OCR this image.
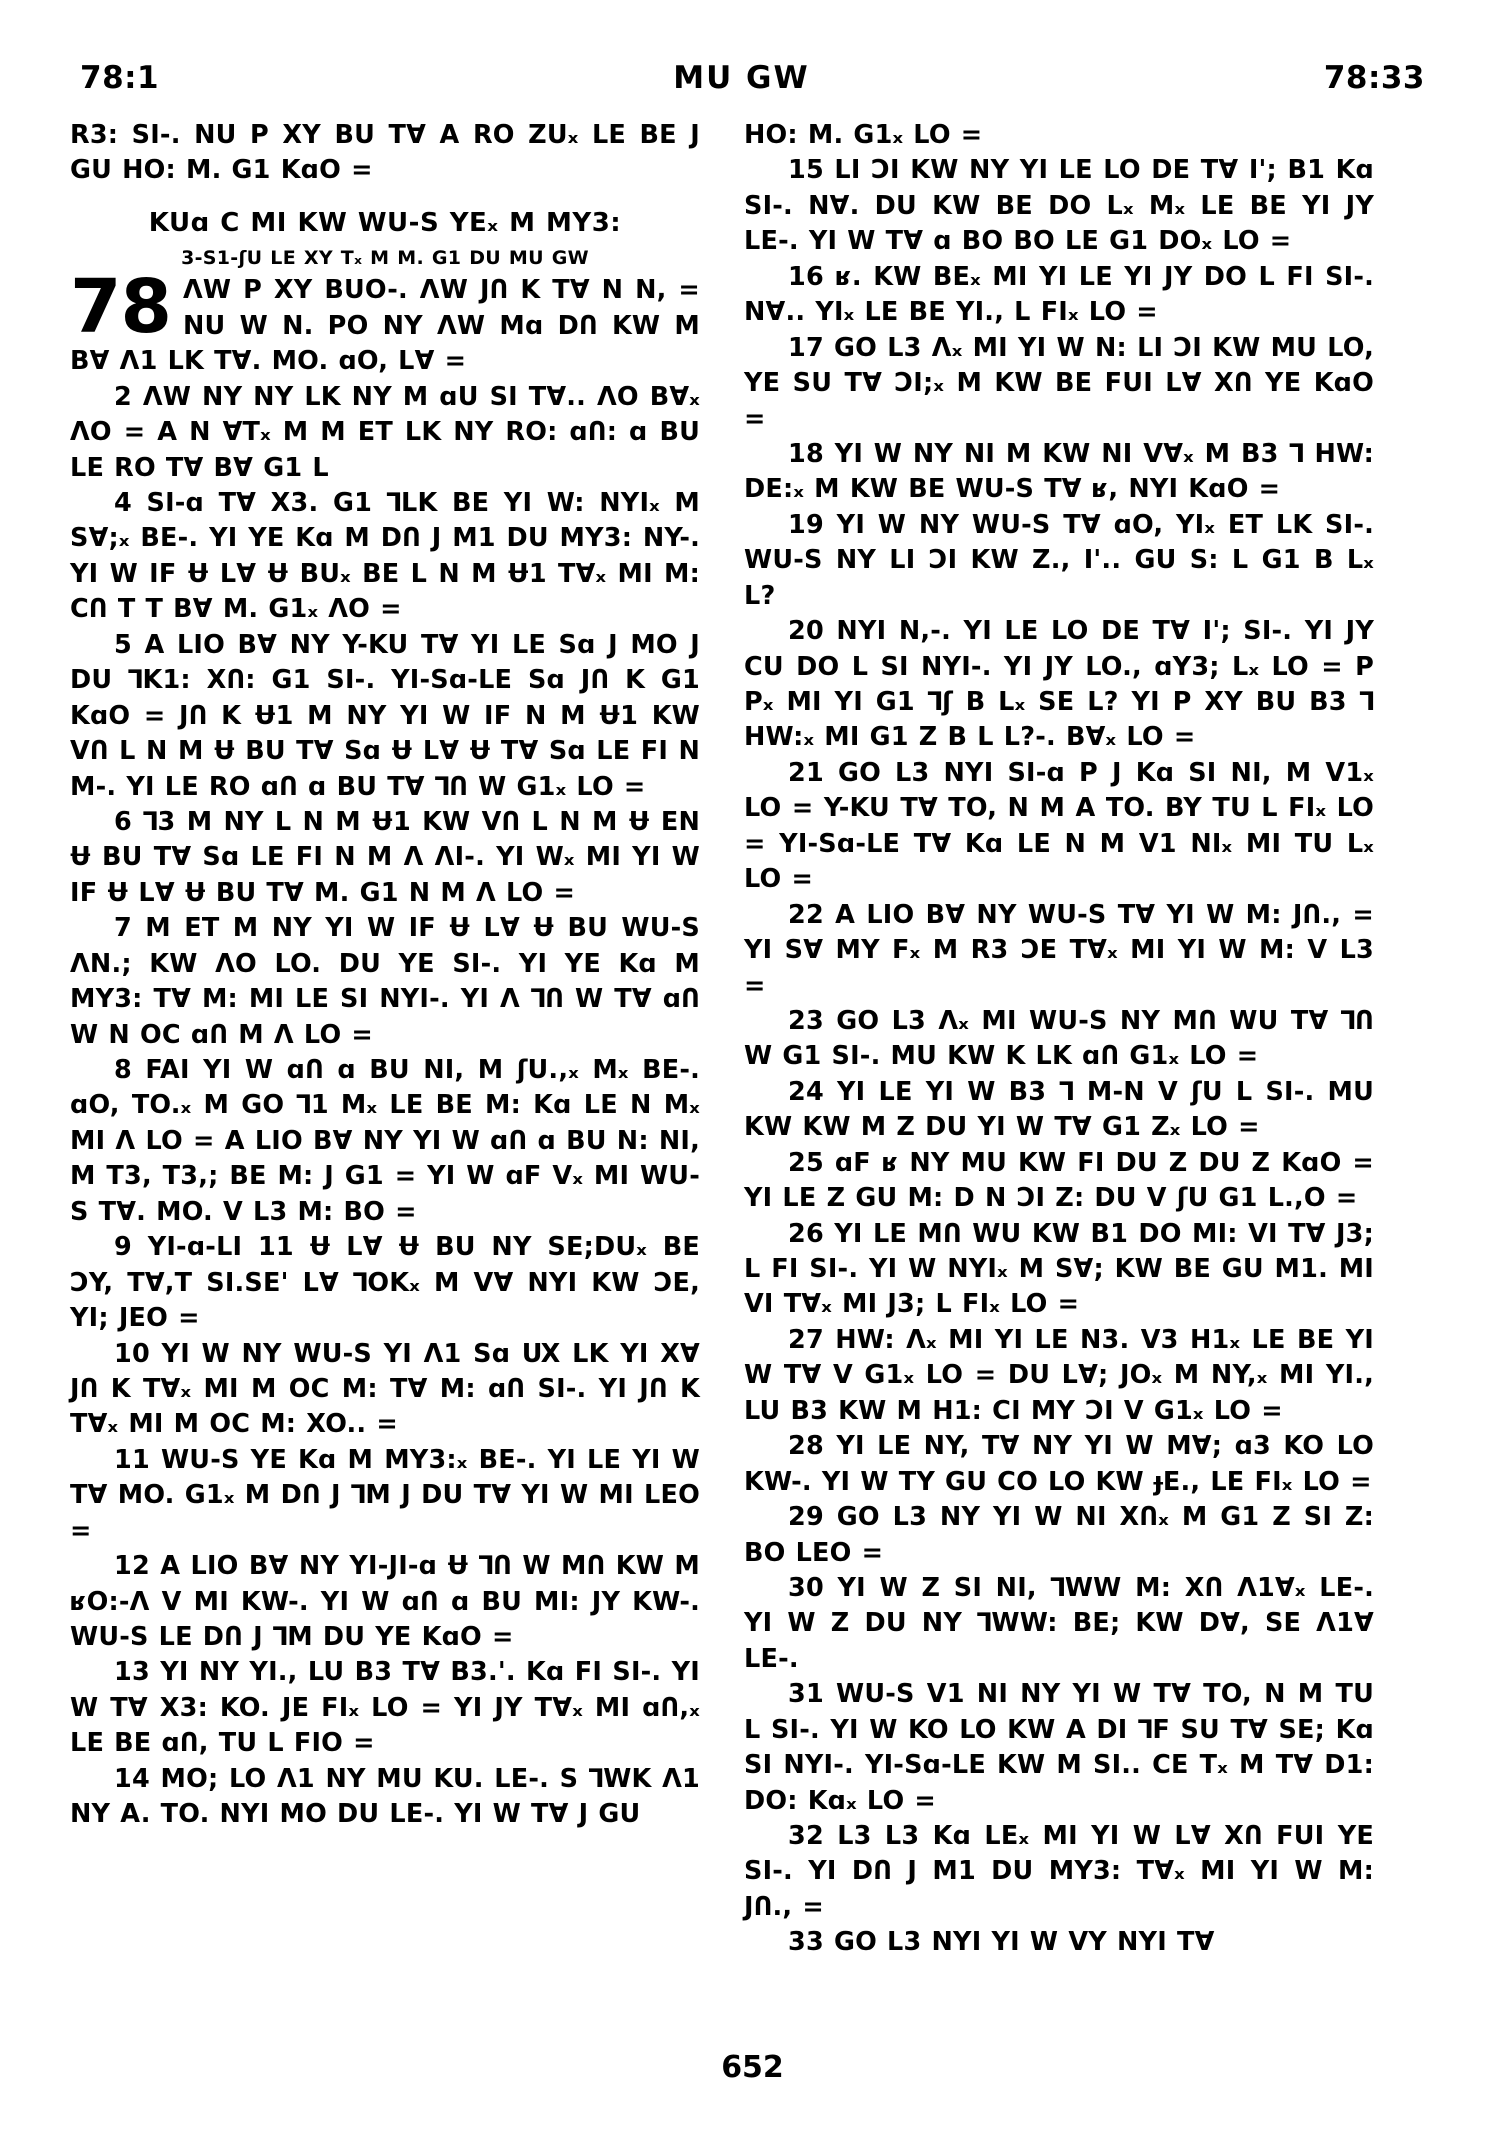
78:1	MU GW	78:33

R3: SI-. NU P XY BU TⱯ A RO ZUₓ LE BE J GU HO: M. G1 KɑO =

KUɑ C MI KW WU-S YEₓ M MY3:
3-S1-ʃU LE XY Tₓ M M. G1 DU MU GW
78 ɅW P XY BUO-. ɅW JՈ K TⱯ N N, = NU W N. PO NY ɅW Mɑ DՈ KW M BⱯ Ʌ1 LK TⱯ. MO. ɑO, LⱯ =

2 ɅW NY NY LK NY M ɑU SI TⱯ.. ɅO BⱯₓ ɅO = A N ⱯTₓ M M ET LK NY RO: ɑՈ: ɑ BU LE RO TⱯ BⱯ G1 L

4 SI-ɑ TⱯ X3. G1 ⅂LK BE YI W: NYIₓ M SⱯ;ₓ BE-. YI YE Kɑ M DՈ J M1 DU MY3: NY-. YI W IF Ʉ LⱯ Ʉ BUₓ BE L N M Ʉ1 TⱯₓ MI M: CՈ T T BⱯ M. G1ₓ ɅO =

5 A LIO BⱯ NY Y-KU TⱯ YI LE Sɑ J MO J DU ⅂K1: XՈ: G1 SI-. YI-Sɑ-LE Sɑ JՈ K G1 KɑO = JՈ K Ʉ1 M NY YI W IF N M Ʉ1 KW VՈ L N M Ʉ BU TⱯ Sɑ Ʉ LⱯ Ʉ TⱯ Sɑ LE FI N M-. YI LE RO ɑՈ ɑ BU TⱯ ⅂Ո W G1ₓ LO =

6 ⅂3 M NY L N M Ʉ1 KW VՈ L N M Ʉ EN Ʉ BU TⱯ Sɑ LE FI N M Ʌ ɅI-. YI Wₓ MI YI W IF Ʉ LⱯ Ʉ BU TⱯ M. G1 N M Ʌ LO =

7 M ET M NY YI W IF Ʉ LⱯ Ʉ BU WU-S ɅN.; KW ɅO LO. DU YE SI-. YI YE Kɑ M MY3: TⱯ M: MI LE SI NYI-. YI Ʌ ⅂Ո W TⱯ ɑՈ W N OC ɑՈ M Ʌ LO =

8 FAI YI W ɑՈ ɑ BU NI, M ʃU.,ₓ Mₓ BE-. ɑO, TO.ₓ M GO ⅂1 Mₓ LE BE M: Kɑ LE N Mₓ MI Ʌ LO = A LIO BⱯ NY YI W ɑՈ ɑ BU N: NI, M T3, T3,; BE M: J G1 = YI W ɑF Vₓ MI WU-S TⱯ. MO. V L3 M: BO =

9 YI-ɑ-LI 11 Ʉ LⱯ Ʉ BU NY SE;DUₓ BE ƆY, TⱯ,T SI.SE' LⱯ ⅂OKₓ M VⱯ NYI KW ƆE, YI; JEO =

10 YI W NY WU-S YI Ʌ1 Sɑ ՍX LK YI XⱯ JՈ K TⱯₓ MI M OC M: TⱯ M: ɑՈ SI-. YI JՈ K TⱯₓ MI M OC M: XO.. =

11 WU-S YE Kɑ M MY3:ₓ BE-. YI LE YI W TⱯ MO. G1ₓ M DՈ J ⅂M J DU TⱯ YI W MI LEO =

12 A LIO BⱯ NY YI-JI-ɑ Ʉ ⅂Ո W MՈ KW M ʁO:-Ʌ V MI KW-. YI W ɑՈ ɑ BU MI: JY KW-. WU-S LE DՈ J ⅂M DU YE KɑO =

13 YI NY YI., LU B3 TⱯ B3.'. Kɑ FI SI-. YI W TⱯ X3: KO. JE FIₓ LO = YI JY TⱯₓ MI ɑՈ,ₓ LE BE ɑՈ, TU L FIO =

14 MO; LO Ʌ1 NY MU KU. LE-. S ⅂WK Ʌ1 NY A. TO. NYI MO DU LE-. YI W TⱯ J GU

HO: M. G1ₓ LO =

15 LI ƆI KW NY YI LE LO DE TⱯ I'; B1 Kɑ SI-. NⱯ. DU KW BE DO Lₓ Mₓ LE BE YI JY LE-. YI W TⱯ ɑ BO BO LE G1 DOₓ LO =

16 ʁ. KW BEₓ MI YI LE YI JY DO L FI SI-. NⱯ.. YIₓ LE BE YI., L FIₓ LO =

17 GO L3 Ʌₓ MI YI W N: LI ƆI KW MU LO, YE SU TⱯ ƆI;ₓ M KW BE FUI LⱯ XՈ YE KɑO =

18 YI W NY NI M KW NI VⱯₓ M B3 ⅂ HW: DE:ₓ M KW BE WU-S TⱯ ʁ, NYI KɑO =

19 YI W NY WU-S TⱯ ɑO, YIₓ ET LK SI-. WU-S NY LI ƆI KW Z., I'.. GU S: L G1 B Lₓ L?

20 NYI N,-. YI LE LO DE TⱯ I'; SI-. YI JY CU DO L SI NYI-. YI JY LO., ɑY3; Lₓ LO = P Pₓ MI YI G1 ⅂ʃ B Lₓ SE L? YI P XY BU B3 ⅂ HW:ₓ MI G1 Z B L L?-. BⱯₓ LO =

21 GO L3 NYI SI-ɑ P J Kɑ SI NI, M V1ₓ LO = Y-KU TⱯ TO, N M A TO. BY TU L FIₓ LO = YI-Sɑ-LE TⱯ Kɑ LE N M V1 NIₓ MI TU Lₓ LO =

22 A LIO BⱯ NY WU-S TⱯ YI W M: JՈ., = YI SⱯ MY Fₓ M R3 ƆE TⱯₓ MI YI W M: V L3 =

23 GO L3 Ʌₓ MI WU-S NY MՈ WU TⱯ ⅂Ո W G1 SI-. MU KW K LK ɑՈ G1ₓ LO =

24 YI LE YI W B3 ⅂ M-N V ʃU L SI-. MU KW KW M Z DU YI W TⱯ G1 Zₓ LO =

25 ɑF ʁ NY MU KW FI DU Z DU Z KɑO = YI LE Z GU M: D N ƆI Z: DU V ʃU G1 L.,O =

26 YI LE MՈ WU KW B1 DO MI: VI TⱯ J3; L FI SI-. YI W NYIₓ M SⱯ; KW BE GU M1. MI VI TⱯₓ MI J3; L FIₓ LO =

27 HW: Ʌₓ MI YI LE N3. V3 H1ₓ LE BE YI W TⱯ V G1ₓ LO = DU LⱯ; JOₓ M NY,ₓ MI YI., LU B3 KW M H1: CI MY ƆI V G1ₓ LO =

28 YI LE NY, TⱯ NY YI W MⱯ; ɑ3 KO LO KW-. YI W TY GU CO LO KW ɟE., LE FIₓ LO =

29 GO L3 NY YI W NI XՈₓ M G1 Z SI Z: BO LEO =

30 YI W Z SI NI, ⅂WW M: XՈ Ʌ1Ɐₓ LE-. YI W Z DU NY ⅂WW: BE; KW DⱯ, SE Ʌ1Ɐ LE-.

31 WU-S V1 NI NY YI W TⱯ TO, N M TU L SI-. YI W KO LO KW A DI ⅂F SU TⱯ SE; Kɑ SI NYI-. YI-Sɑ-LE KW M SI.. CE Tₓ M TⱯ D1: DO: Kɑₓ LO =

32 L3 L3 Kɑ LEₓ MI YI W LⱯ XՈ FUI YE SI-. YI DՈ J M1 DU MY3: TⱯₓ MI YI W M: JՈ., =

33 GO L3 NYI YI W VY NYI TⱯ

652
